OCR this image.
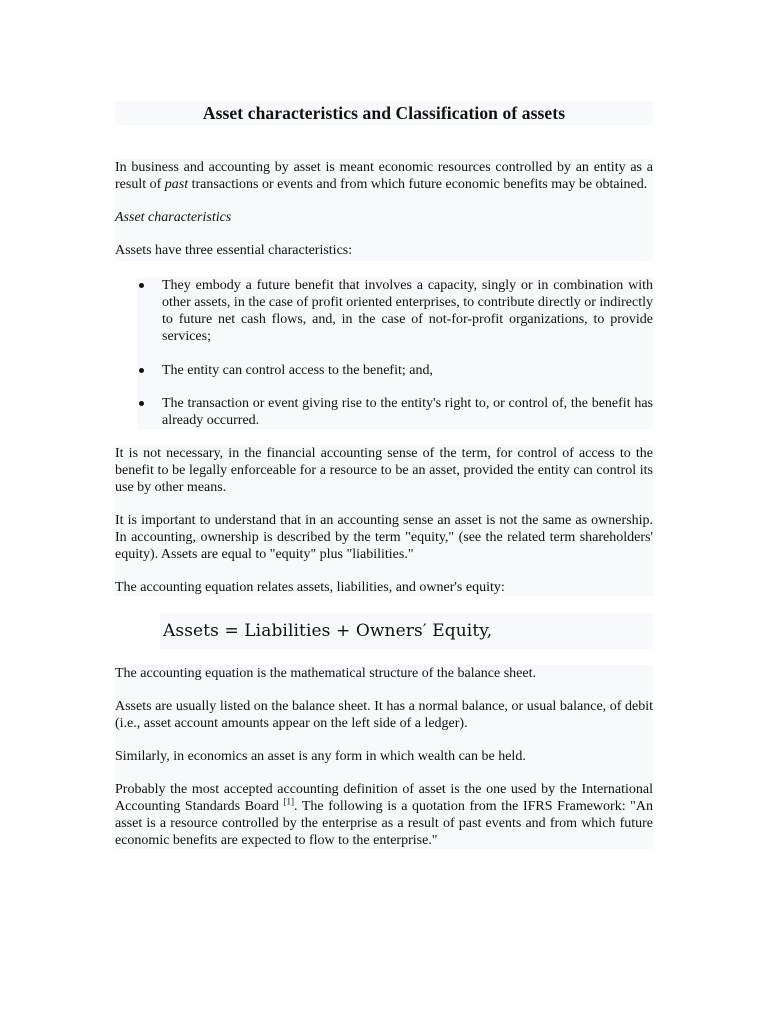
Asset characteristics and Classification of assets

In business and accounting by asset is meant economic resources controlled by an entity as a result of past transactions or events and from which future economic benefits may be obtained.

Asset characteristics

Assets have three essential characteristics:

They embody a future benefit that involves a capacity, singly or in combination with other assets, in the case of profit oriented enterprises, to contribute directly or indirectly to future net cash flows, and, in the case of not-for-profit organizations, to provide services;

The entity can control access to the benefit; and,

The transaction or event giving rise to the entity's right to, or control of, the benefit has already occurred.

It is not necessary, in the financial accounting sense of the term, for control of access to the benefit to be legally enforceable for a resource to be an asset, provided the entity can control its use by other means.

It is important to understand that in an accounting sense an asset is not the same as ownership. In accounting, ownership is described by the term "equity," (see the related term shareholders' equity). Assets are equal to "equity" plus "liabilities."

The accounting equation relates assets, liabilities, and owner's equity:

Assets = Liabilities + Owners′ Equity,

The accounting equation is the mathematical structure of the balance sheet.

Assets are usually listed on the balance sheet. It has a normal balance, or usual balance, of debit (i.e., asset account amounts appear on the left side of a ledger).

Similarly, in economics an asset is any form in which wealth can be held.

Probably the most accepted accounting definition of asset is the one used by the International Accounting Standards Board [1]. The following is a quotation from the IFRS Framework: "An asset is a resource controlled by the enterprise as a result of past events and from which future economic benefits are expected to flow to the enterprise."
